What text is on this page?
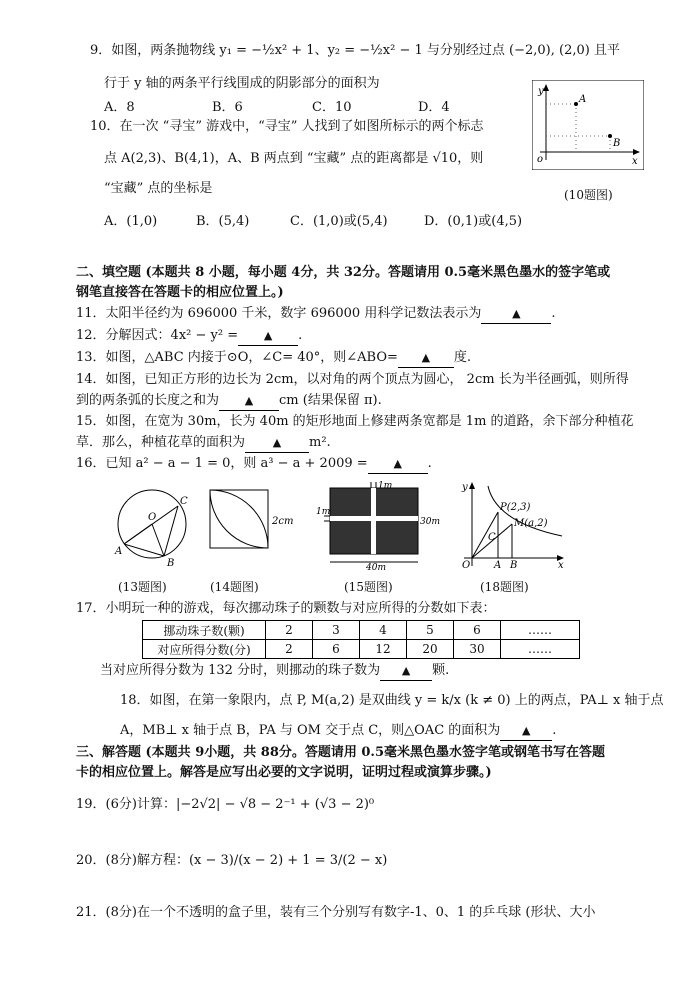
9．如图，两条抛物线 y₁ = −½x² + 1、y₂ = −½x² − 1 与分别经过点 (−2,0), (2,0) 且平
行于 y 轴的两条平行线围成的阴影部分的面积为
A．8	B．6	C．10	D．4
y
x
o
A
B
10．在一次 “寻宝” 游戏中，“寻宝” 人找到了如图所标示的两个标志
点 A(2,3)、B(4,1)，A、B 两点到 “宝藏” 点的距离都是 √10，则
“宝藏” 点的坐标是	(10题图)
A．(1,0)	B．(5,4)	C．(1,0)或(5,4)	D．(0,1)或(4,5)
二、填空题 (本题共 8 小题，每小题 4分，共 32分。答题请用 0.5毫米黑色墨水的签字笔或
钢笔直接答在答题卡的相应位置上。)
11．太阳半径约为 696000 千米，数字 696000 用科学记数法表示为	▲ .
12．分解因式：4x² − y² = ▲ .
13．如图，△ABC 内接于⊙O，∠C= 40°，则∠ABO= ▲ 度.
14．如图，已知正方形的边长为 2cm，以对角的两个顶点为圆心， 2cm 长为半径画弧，则所得
到的两条弧的长度之和为 ▲ cm (结果保留 π).
15．如图，在宽为 30m，长为 40m 的矩形地面上修建两条宽都是 1m 的道路，余下部分种植花
草．那么，种植花草的面积为	▲ m².
16．已知 a² − a − 1 = 0，则 a³ − a + 2009 = ▲ .
O
A
B
C
2cm
1m
1m
30m
40m
y
x
O
P(2,3)
M(a,2)
C
A B
(13题图)	(14题图)	(15题图)	(18题图)
17．小明玩一种的游戏，每次挪动珠子的颗数与对应所得的分数如下表：
挪动珠子数(颗)	2	3	4	5	6	……
对应所得分数(分)	2	6	12	20	30	……
当对应所得分数为 132 分时，则挪动的珠子数为 ▲ 颗.
18．如图，在第一象限内，点 P, M(a,2) 是双曲线 y = k/x (k ≠ 0) 上的两点，PA⊥ x 轴于点
A，MB⊥ x 轴于点 B，PA 与 OM 交于点 C，则△OAC 的面积为 ▲ .
三、解答题 (本题共 9小题，共 88分。答题请用 0.5毫米黑色墨水签字笔或钢笔书写在答题
卡的相应位置上。解答是应写出必要的文字说明，证明过程或演算步骤。)
19．(6分)计算：|−2√2| − √8 − 2⁻¹ + (√3 − 2)⁰
20．(8分)解方程：(x − 3)/(x − 2) + 1 = 3/(2 − x)
21．(8分)在一个不透明的盒子里，装有三个分别写有数字-1、0、1 的乒乓球 (形状、大小
